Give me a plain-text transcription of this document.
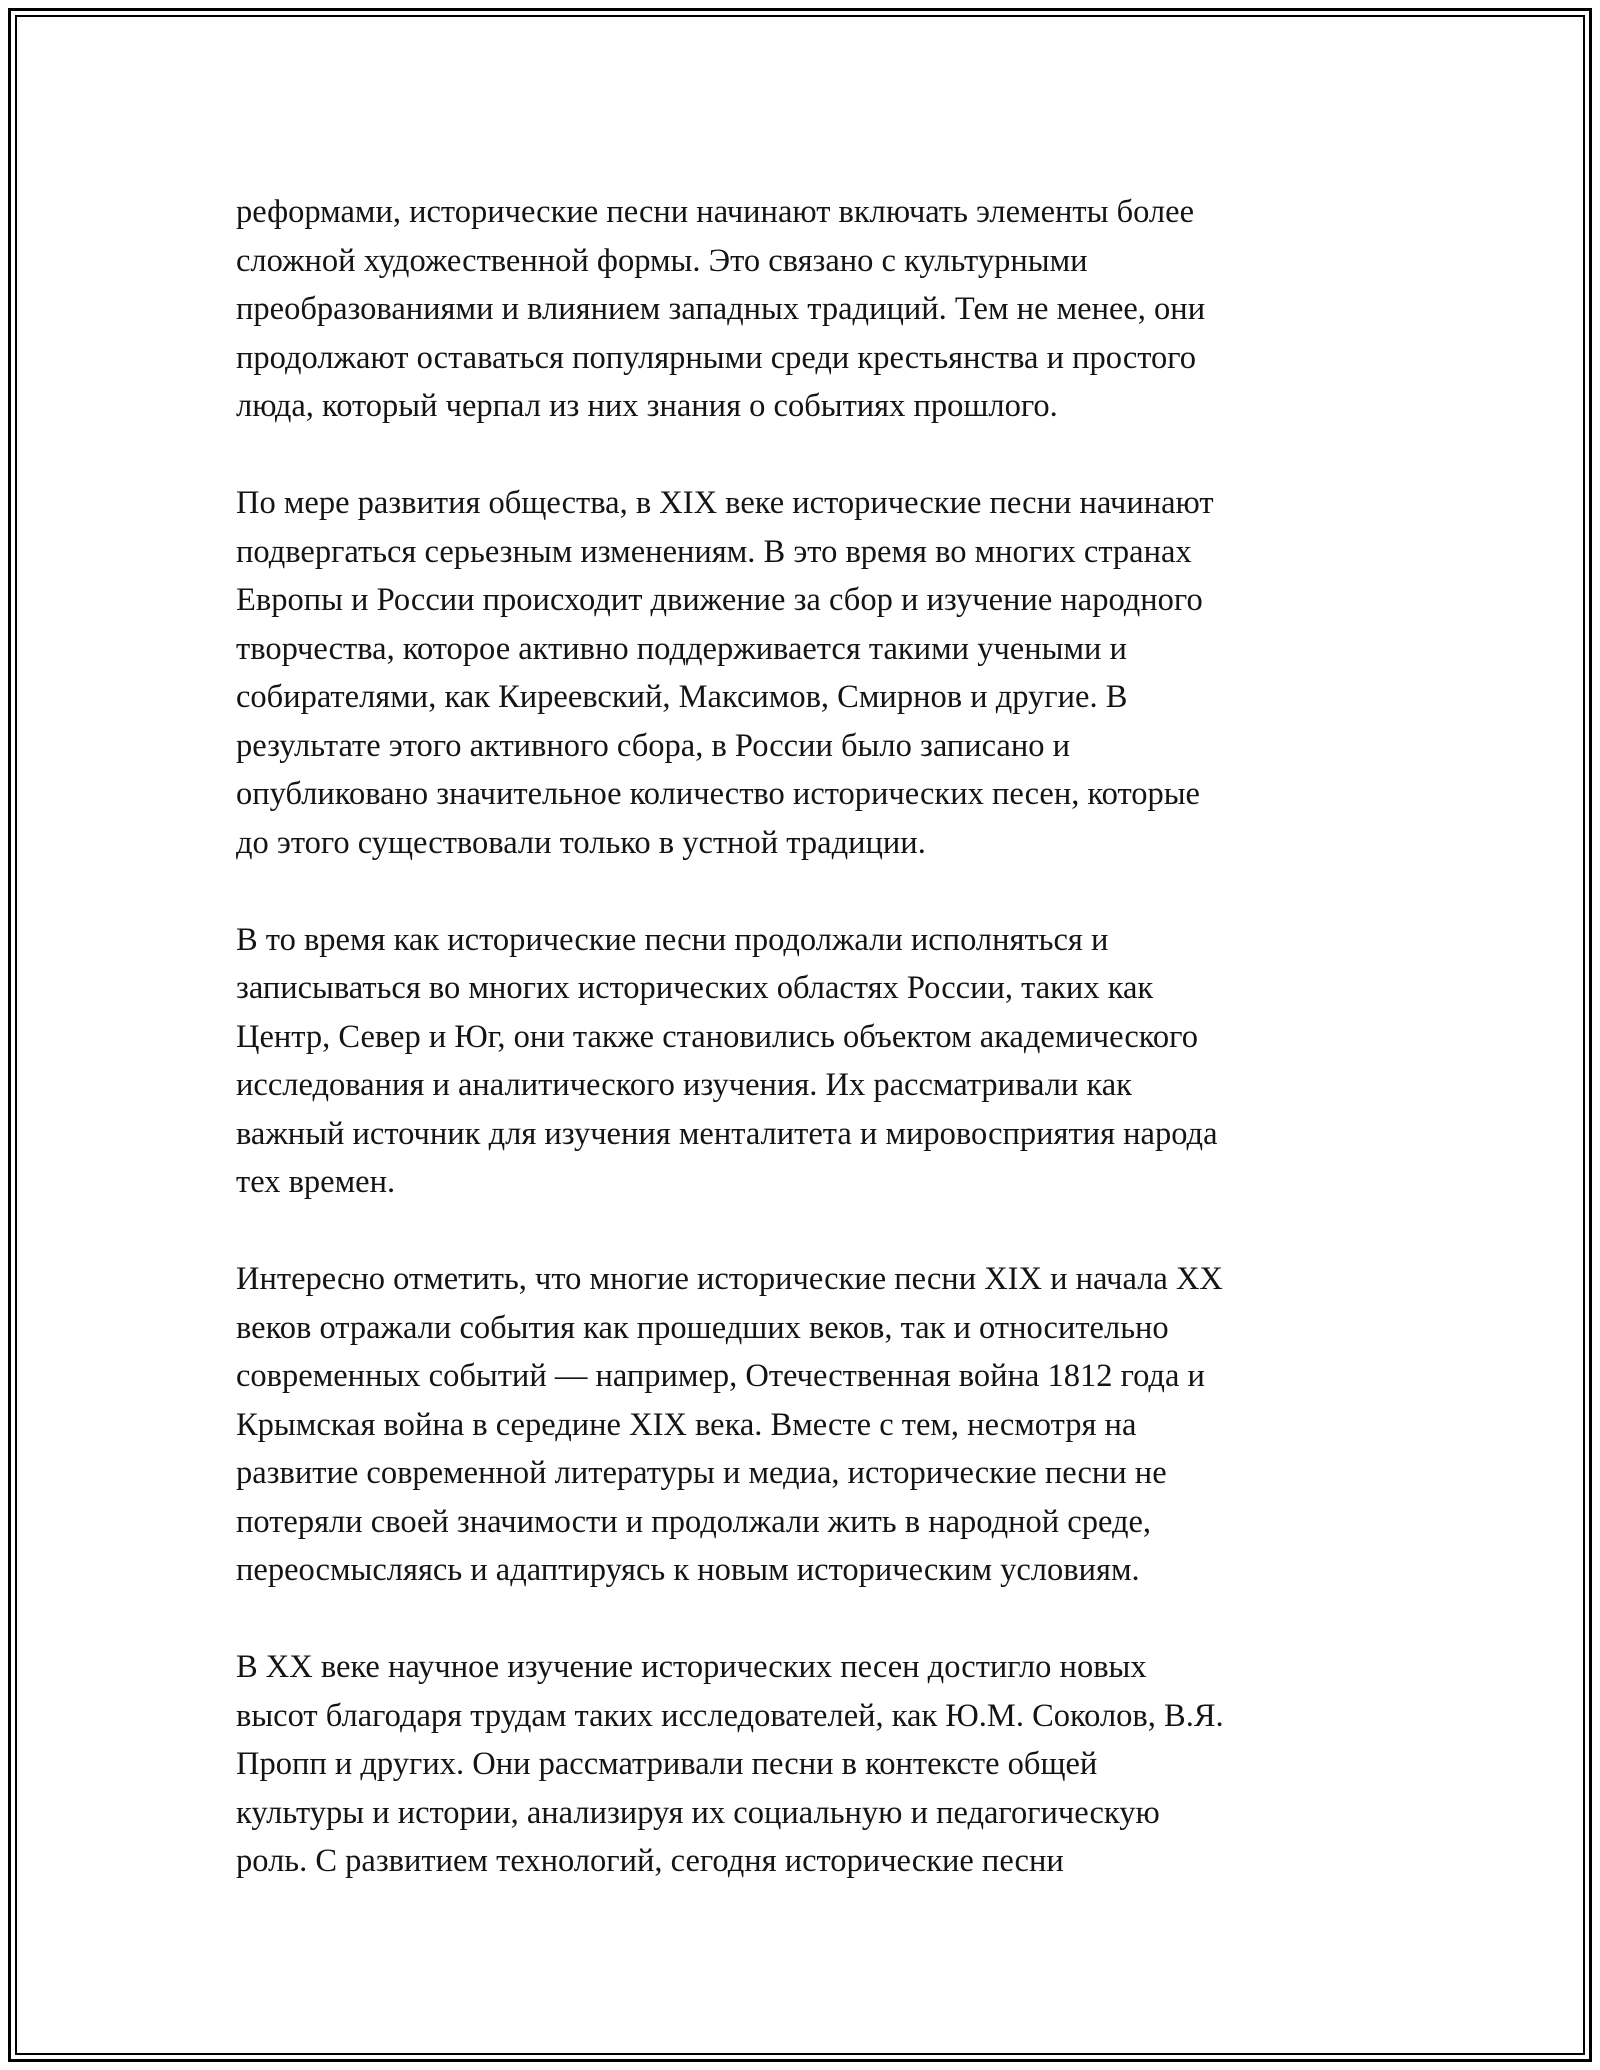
реформами, исторические песни начинают включать элементы более
сложной художественной формы. Это связано с культурными
преобразованиями и влиянием западных традиций. Тем не менее, они
продолжают оставаться популярными среди крестьянства и простого
люда, который черпал из них знания о событиях прошлого.

По мере развития общества, в XIX веке исторические песни начинают
подвергаться серьезным изменениям. В это время во многих странах
Европы и России происходит движение за сбор и изучение народного
творчества, которое активно поддерживается такими учеными и
собирателями, как Киреевский, Максимов, Смирнов и другие. В
результате этого активного сбора, в России было записано и
опубликовано значительное количество исторических песен, которые
до этого существовали только в устной традиции.

В то время как исторические песни продолжали исполняться и
записываться во многих исторических областях России, таких как
Центр, Север и Юг, они также становились объектом академического
исследования и аналитического изучения. Их рассматривали как
важный источник для изучения менталитета и мировосприятия народа
тех времен.

Интересно отметить, что многие исторические песни XIX и начала XX
веков отражали события как прошедших веков, так и относительно
современных событий — например, Отечественная война 1812 года и
Крымская война в середине XIX века. Вместе с тем, несмотря на
развитие современной литературы и медиа, исторические песни не
потеряли своей значимости и продолжали жить в народной среде,
переосмысляясь и адаптируясь к новым историческим условиям.

В XX веке научное изучение исторических песен достигло новых
высот благодаря трудам таких исследователей, как Ю.М. Соколов, В.Я.
Пропп и других. Они рассматривали песни в контексте общей
культуры и истории, анализируя их социальную и педагогическую
роль. С развитием технологий, сегодня исторические песни
